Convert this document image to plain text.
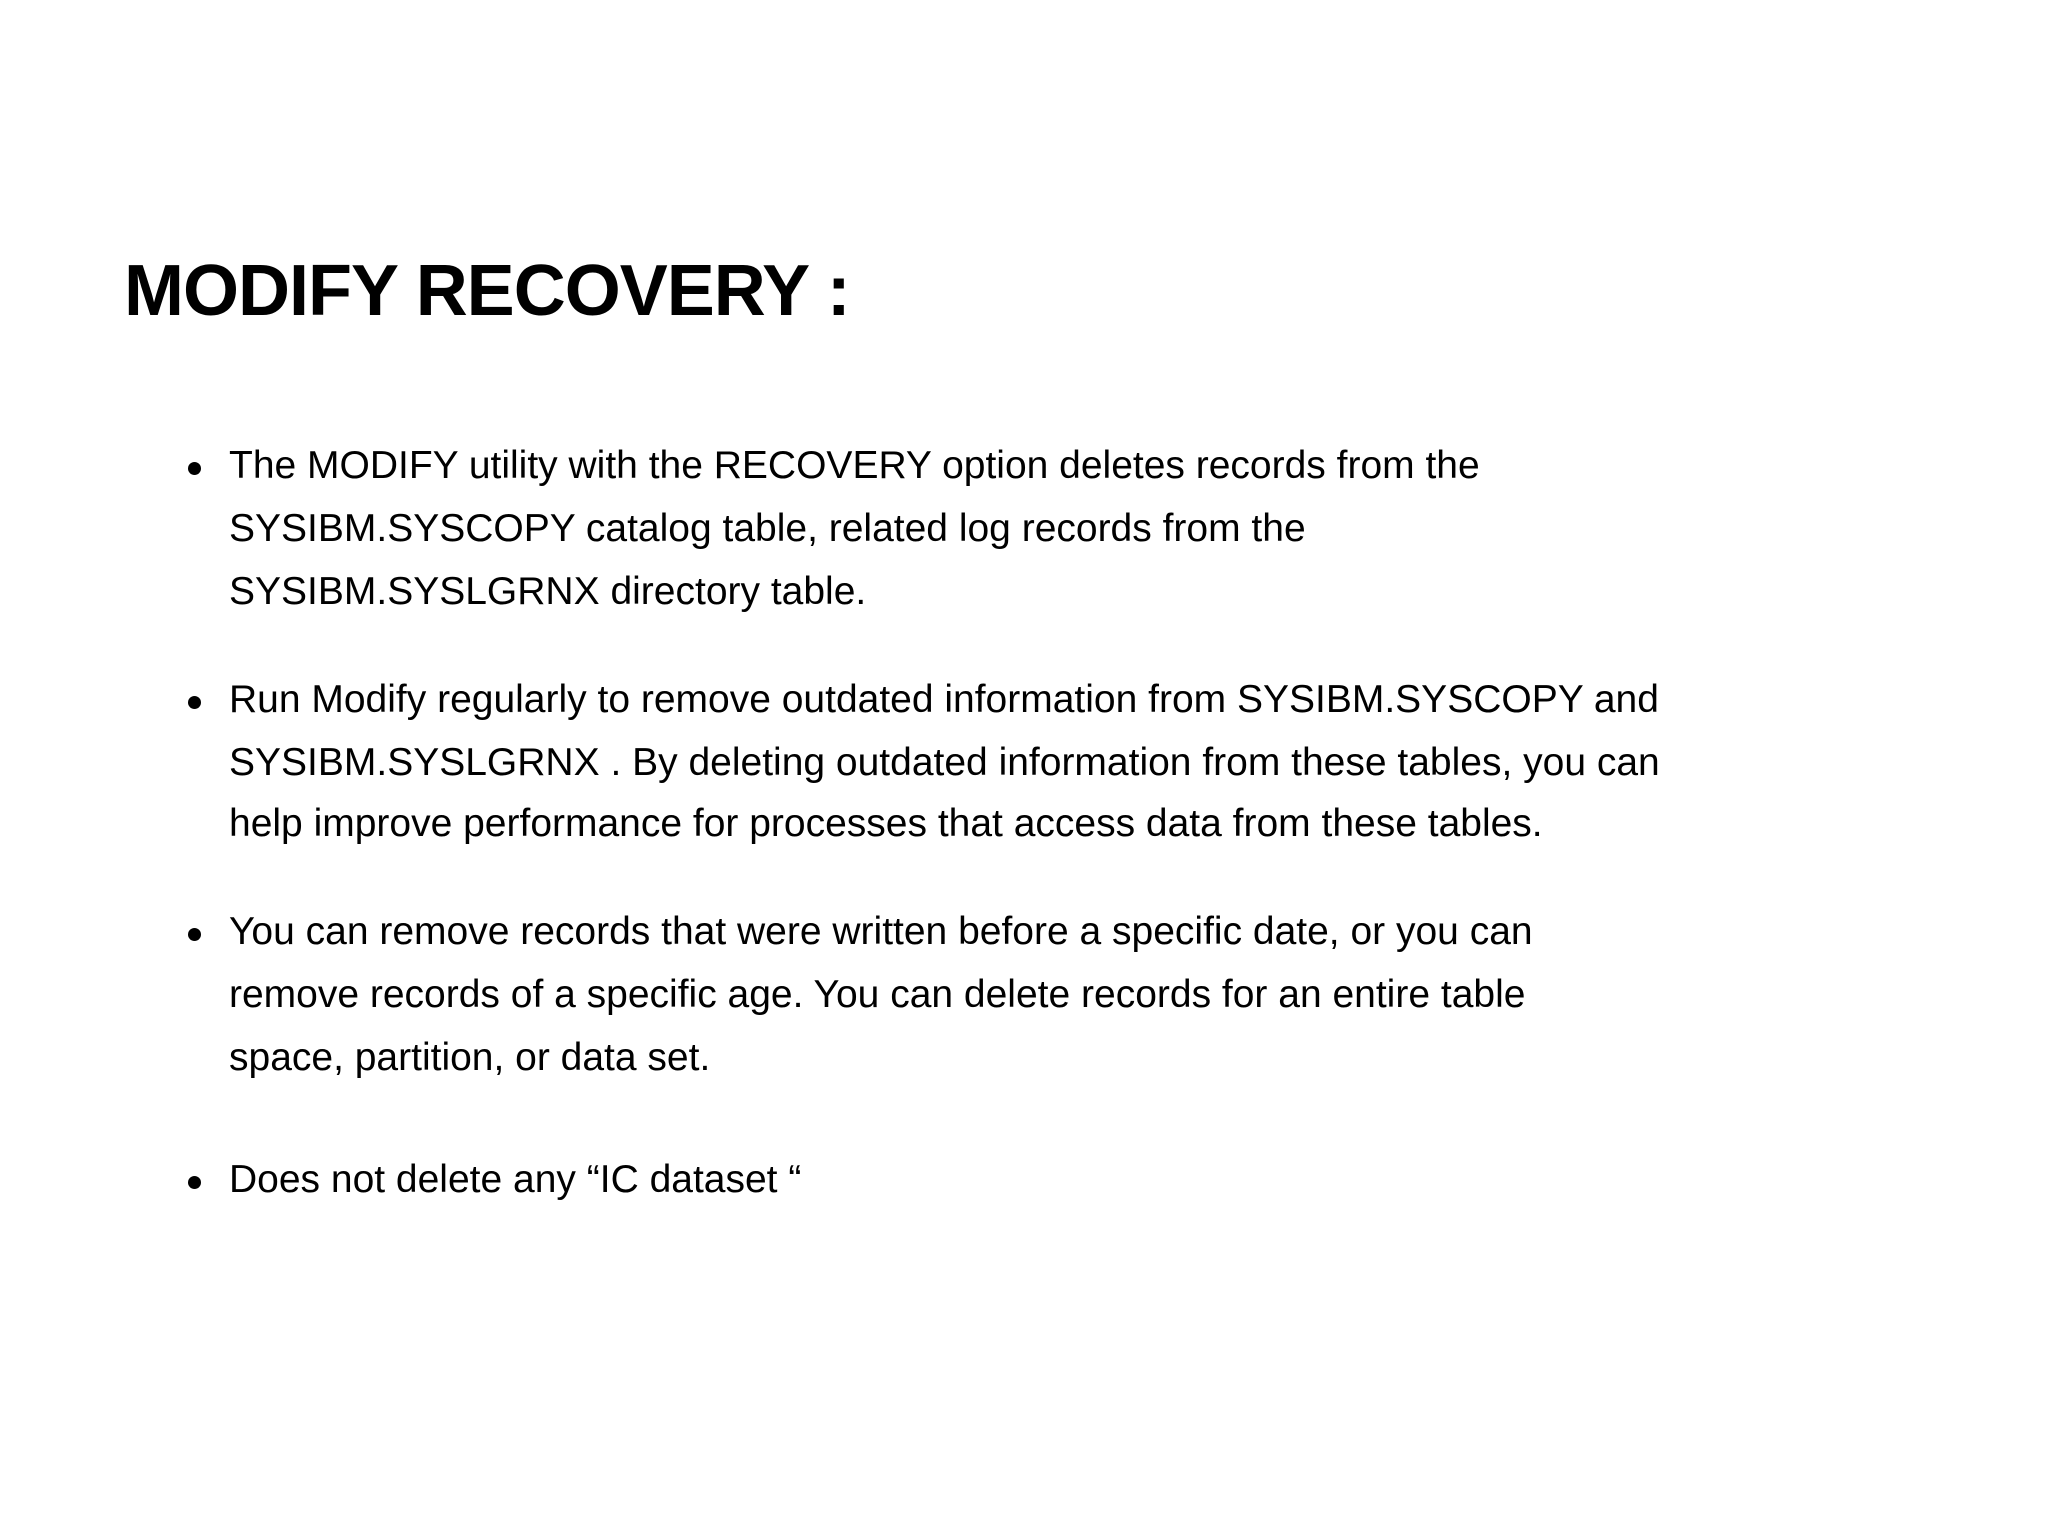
MODIFY RECOVERY :
The MODIFY utility with the RECOVERY option deletes records from the
SYSIBM.SYSCOPY catalog table, related log records from the
SYSIBM.SYSLGRNX directory table.
Run Modify regularly to remove outdated information from SYSIBM.SYSCOPY and
SYSIBM.SYSLGRNX . By deleting outdated information from these tables, you can
help improve performance for processes that access data from these tables.
You can remove records that were written before a specific date, or you can
remove records of a specific age. You can delete records for an entire table
space, partition, or data set.
Does not delete any “IC dataset “
